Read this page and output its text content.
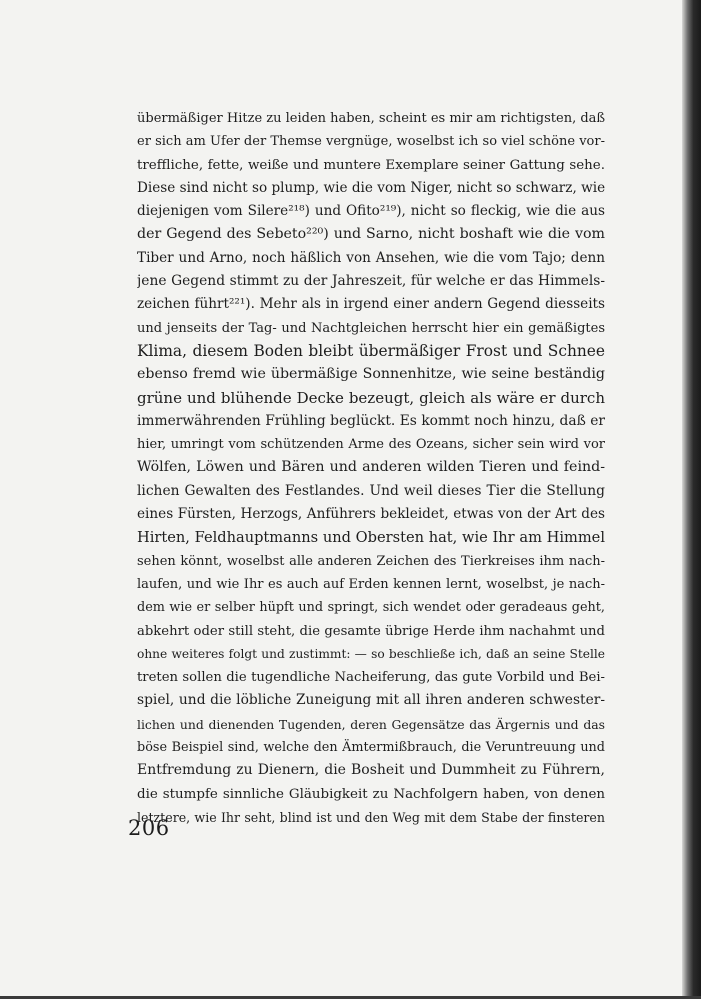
übermäßiger Hitze zu leiden haben, scheint es mir am richtigsten, daß
er sich am Ufer der Themse vergnüge, woselbst ich so viel schöne vor-
treffliche, fette, weiße und muntere Exemplare seiner Gattung sehe.
Diese sind nicht so plump, wie die vom Niger, nicht so schwarz, wie
diejenigen vom Silere²¹⁸) und Ofito²¹⁹), nicht so fleckig, wie die aus
der Gegend des Sebeto²²⁰) und Sarno, nicht boshaft wie die vom
Tiber und Arno, noch häßlich von Ansehen, wie die vom Tajo; denn
jene Gegend stimmt zu der Jahreszeit, für welche er das Himmels-
zeichen führt²²¹). Mehr als in irgend einer andern Gegend diesseits
und jenseits der Tag- und Nachtgleichen herrscht hier ein gemäßigtes
Klima, diesem Boden bleibt übermäßiger Frost und Schnee
ebenso fremd wie übermäßige Sonnenhitze, wie seine beständig
grüne und blühende Decke bezeugt, gleich als wäre er durch
immerwährenden Frühling beglückt. Es kommt noch hinzu, daß er
hier, umringt vom schützenden Arme des Ozeans, sicher sein wird vor
Wölfen, Löwen und Bären und anderen wilden Tieren und feind-
lichen Gewalten des Festlandes. Und weil dieses Tier die Stellung
eines Fürsten, Herzogs, Anführers bekleidet, etwas von der Art des
Hirten, Feldhauptmanns und Obersten hat, wie Ihr am Himmel
sehen könnt, woselbst alle anderen Zeichen des Tierkreises ihm nach-
laufen, und wie Ihr es auch auf Erden kennen lernt, woselbst, je nach-
dem wie er selber hüpft und springt, sich wendet oder geradeaus geht,
abkehrt oder still steht, die gesamte übrige Herde ihm nachahmt und
ohne weiteres folgt und zustimmt: — so beschließe ich, daß an seine Stelle
treten sollen die tugendliche Nacheiferung, das gute Vorbild und Bei-
spiel, und die löbliche Zuneigung mit all ihren anderen schwester-
lichen und dienenden Tugenden, deren Gegensätze das Ärgernis und das
böse Beispiel sind, welche den Ämtermißbrauch, die Veruntreuung und
Entfremdung zu Dienern, die Bosheit und Dummheit zu Führern,
die stumpfe sinnliche Gläubigkeit zu Nachfolgern haben, von denen
letztere, wie Ihr seht, blind ist und den Weg mit dem Stabe der finsteren
206
